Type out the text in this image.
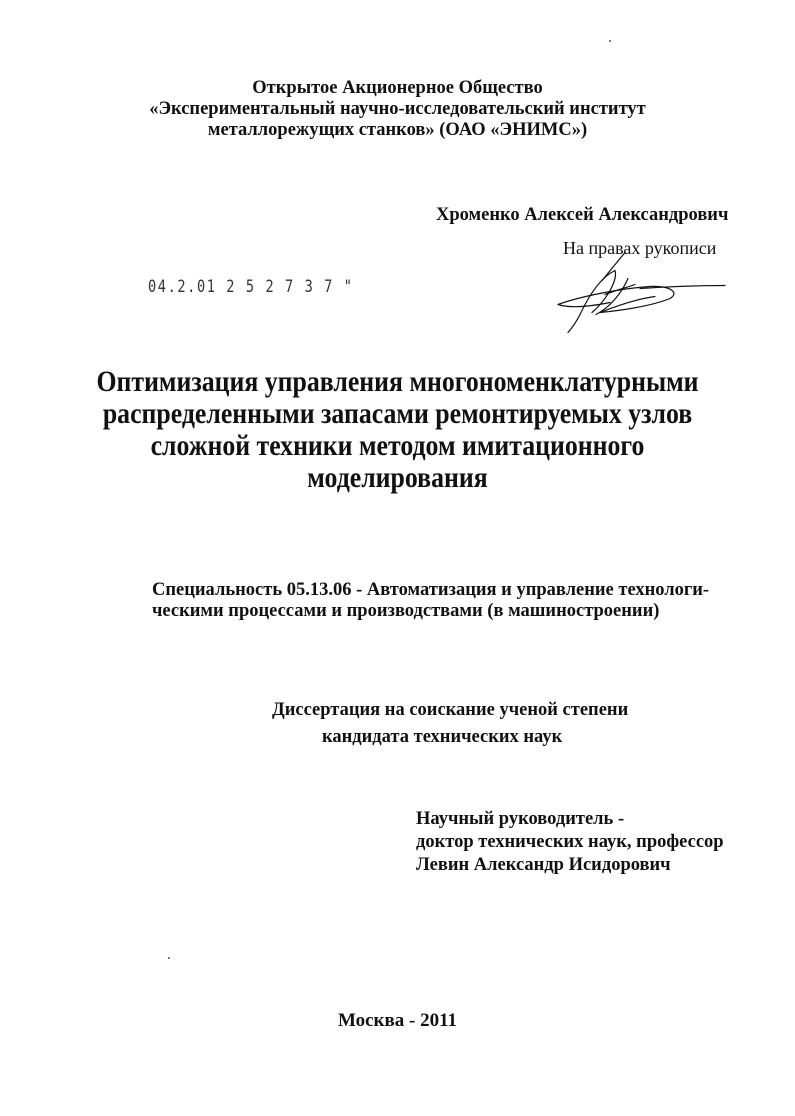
Открытое Акционерное Общество
«Экспериментальный научно-исследовательский институт
металлорежущих станков» (ОАО «ЭНИМС»)
Хроменко Алексей Александрович
На правах рукописи
04.2.01 2 5 2 7 3 7 "
Оптимизация управления многономенклатурными
распределенными запасами ремонтируемых узлов
сложной техники методом имитационного
моделирования
Специальность 05.13.06 - Автоматизация и управление технологи-
ческими процессами и производствами (в машиностроении)
Диссертация на соискание ученой степени
кандидата технических наук
Научный руководитель -
доктор технических наук, профессор
Левин Александр Исидорович
Москва - 2011
